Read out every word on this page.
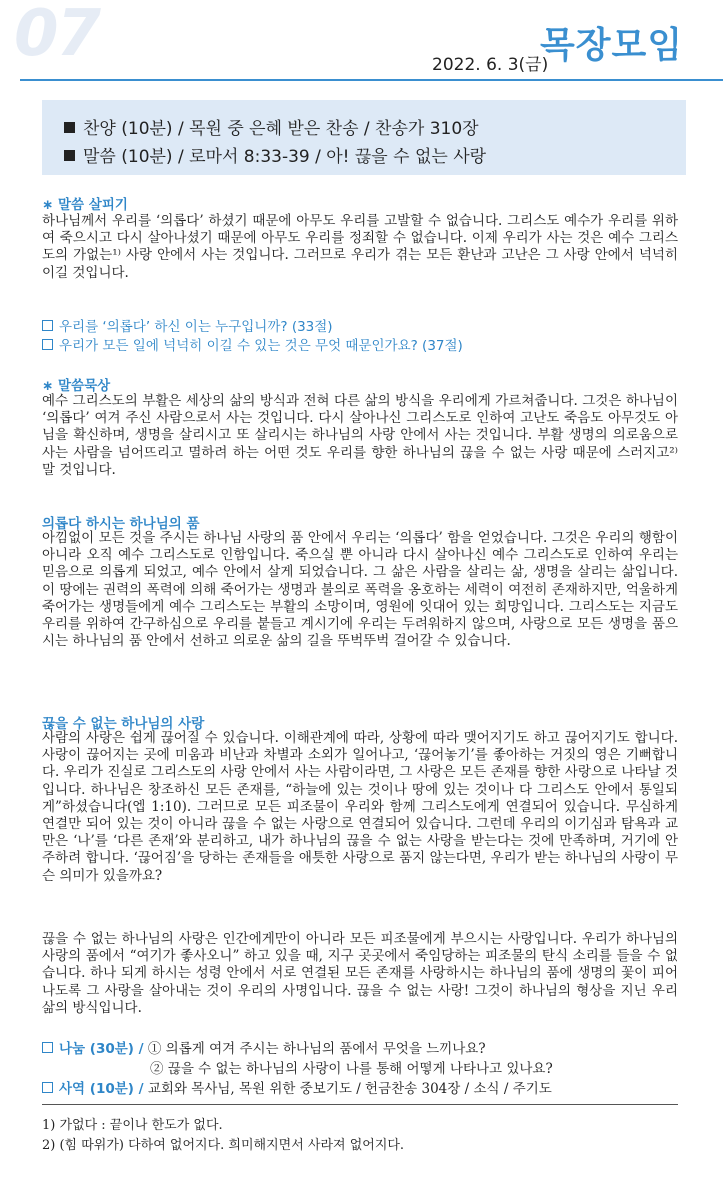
07	2022. 6. 3(금)
목장모임
찬양 (10분) / 목원 중 은혜 받은 찬송 / 찬송가 310장
말씀 (10분) / 로마서 8:33-39 / 아! 끊을 수 없는 사랑
∗ 말씀 살피기
하나님께서 우리를 ‘의롭다’ 하셨기 때문에 아무도 우리를 고발할 수 없습니다. 그리스도 예수가 우리를 위하여 죽으시고 다시 살아나셨기 때문에 아무도 우리를 정죄할 수 없습니다. 이제 우리가 사는 것은 예수 그리스도의 가없는¹⁾ 사랑 안에서 사는 것입니다. 그러므로 우리가 겪는 모든 환난과 고난은 그 사랑 안에서 넉넉히 이길 것입니다.
우리를 ‘의롭다’ 하신 이는 누구입니까? (33절)
우리가 모든 일에 넉넉히 이길 수 있는 것은 무엇 때문인가요? (37절)
∗ 말씀묵상
예수 그리스도의 부활은 세상의 삶의 방식과 전혀 다른 삶의 방식을 우리에게 가르쳐줍니다. 그것은 하나님이 ‘의롭다’ 여겨 주신 사람으로서 사는 것입니다. 다시 살아나신 그리스도로 인하여 고난도 죽음도 아무것도 아님을 확신하며, 생명을 살리시고 또 살리시는 하나님의 사랑 안에서 사는 것입니다. 부활 생명의 의로움으로 사는 사람을 넘어뜨리고 멸하려 하는 어떤 것도 우리를 향한 하나님의 끊을 수 없는 사랑 때문에 스러지고²⁾ 말 것입니다.
의롭다 하시는 하나님의 품
아낌없이 모든 것을 주시는 하나님 사랑의 품 안에서 우리는 ‘의롭다’ 함을 얻었습니다. 그것은 우리의 행함이 아니라 오직 예수 그리스도로 인함입니다. 죽으실 뿐 아니라 다시 살아나신 예수 그리스도로 인하여 우리는 믿음으로 의롭게 되었고, 예수 안에서 살게 되었습니다. 그 삶은 사람을 살리는 삶, 생명을 살리는 삶입니다. 이 땅에는 권력의 폭력에 의해 죽어가는 생명과 불의로 폭력을 옹호하는 세력이 여전히 존재하지만, 억울하게 죽어가는 생명들에게 예수 그리스도는 부활의 소망이며, 영원에 잇대어 있는 희망입니다. 그리스도는 지금도 우리를 위하여 간구하심으로 우리를 붙들고 계시기에 우리는 두려워하지 않으며, 사랑으로 모든 생명을 품으시는 하나님의 품 안에서 선하고 의로운 삶의 길을 뚜벅뚜벅 걸어갈 수 있습니다.
끊을 수 없는 하나님의 사랑
사람의 사랑은 쉽게 끊어질 수 있습니다. 이해관계에 따라, 상황에 따라 맺어지기도 하고 끊어지기도 합니다. 사랑이 끊어지는 곳에 미움과 비난과 차별과 소외가 일어나고, ‘끊어놓기’를 좋아하는 거짓의 영은 기뻐합니다. 우리가 진실로 그리스도의 사랑 안에서 사는 사람이라면, 그 사랑은 모든 존재를 향한 사랑으로 나타날 것입니다. 하나님은 창조하신 모든 존재를, “하늘에 있는 것이나 땅에 있는 것이나 다 그리스도 안에서 통일되게”하셨습니다(엡 1:10). 그러므로 모든 피조물이 우리와 함께 그리스도에게 연결되어 있습니다. 무심하게 연결만 되어 있는 것이 아니라 끊을 수 없는 사랑으로 연결되어 있습니다. 그런데 우리의 이기심과 탐욕과 교만은 ‘나’를 ‘다른 존재’와 분리하고, 내가 하나님의 끊을 수 없는 사랑을 받는다는 것에 만족하며, 거기에 안주하려 합니다. ‘끊어짐’을 당하는 존재들을 애틋한 사랑으로 품지 않는다면, 우리가 받는 하나님의 사랑이 무슨 의미가 있을까요?
끊을 수 없는 하나님의 사랑은 인간에게만이 아니라 모든 피조물에게 부으시는 사랑입니다. 우리가 하나님의 사랑의 품에서 “여기가 좋사오니” 하고 있을 때, 지구 곳곳에서 죽임당하는 피조물의 탄식 소리를 들을 수 없습니다. 하나 되게 하시는 성령 안에서 서로 연결된 모든 존재를 사랑하시는 하나님의 품에 생명의 꽃이 피어나도록 그 사랑을 살아내는 것이 우리의 사명입니다. 끊을 수 없는 사랑! 그것이 하나님의 형상을 지닌 우리 삶의 방식입니다.
나눔 (30분) / ① 의롭게 여겨 주시는 하나님의 품에서 무엇을 느끼나요?
② 끊을 수 없는 하나님의 사랑이 나를 통해 어떻게 나타나고 있나요?
사역 (10분) / 교회와 목사님, 목원 위한 중보기도 / 헌금찬송 304장 / 소식 / 주기도
1) 가없다 : 끝이나 한도가 없다.
2) (힘 따위가) 다하여 없어지다. 희미해지면서 사라져 없어지다.
